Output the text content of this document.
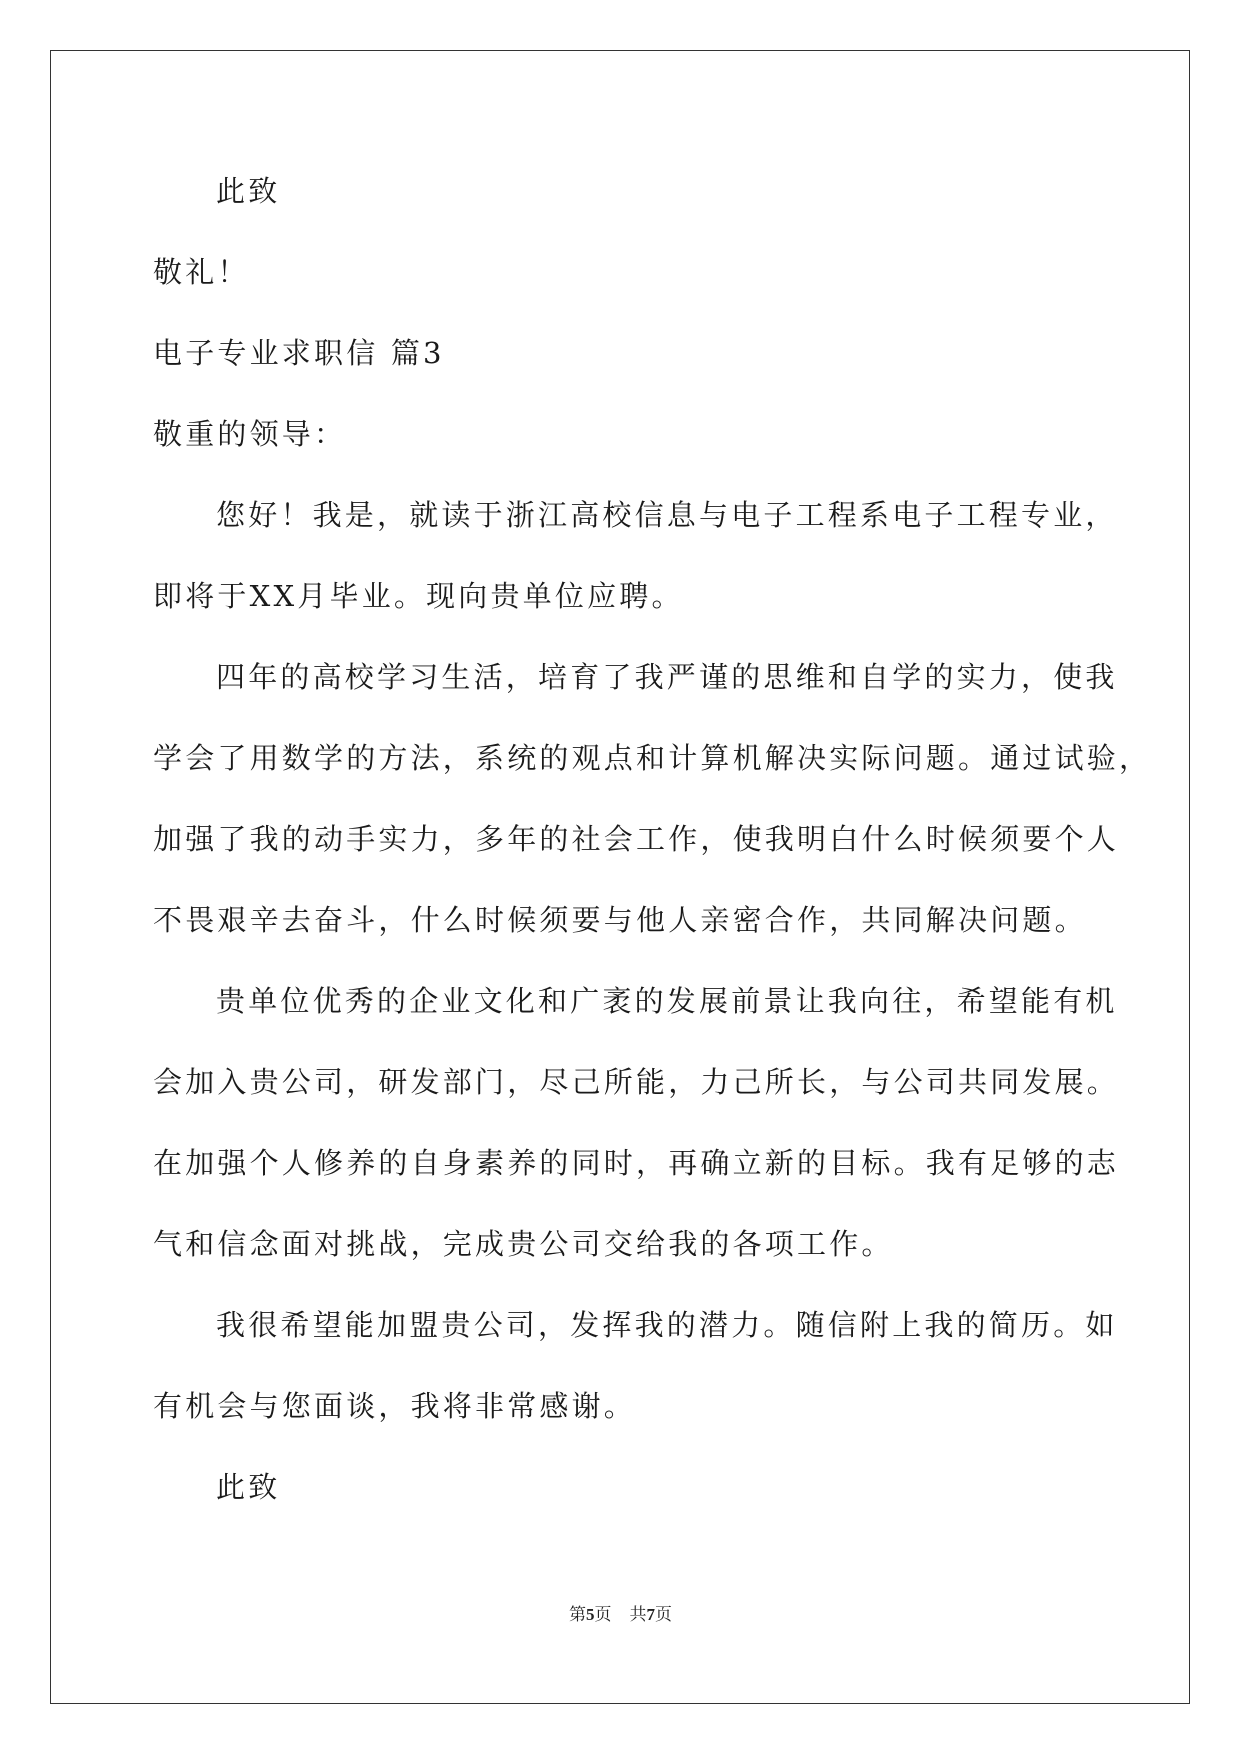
此致
敬礼！
电子专业求职信 篇3
敬重的领导：
您好！我是，就读于浙江高校信息与电子工程系电子工程专业，
即将于XX月毕业。现向贵单位应聘。
四年的高校学习生活，培育了我严谨的思维和自学的实力，使我
学会了用数学的方法，系统的观点和计算机解决实际问题。通过试验，
加强了我的动手实力，多年的社会工作，使我明白什么时候须要个人
不畏艰辛去奋斗，什么时候须要与他人亲密合作，共同解决问题。
贵单位优秀的企业文化和广袤的发展前景让我向往，希望能有机
会加入贵公司，研发部门，尽己所能，力己所长，与公司共同发展。
在加强个人修养的自身素养的同时，再确立新的目标。我有足够的志
气和信念面对挑战，完成贵公司交给我的各项工作。
我很希望能加盟贵公司，发挥我的潜力。随信附上我的简历。如
有机会与您面谈，我将非常感谢。
此致
第5页 共7页
